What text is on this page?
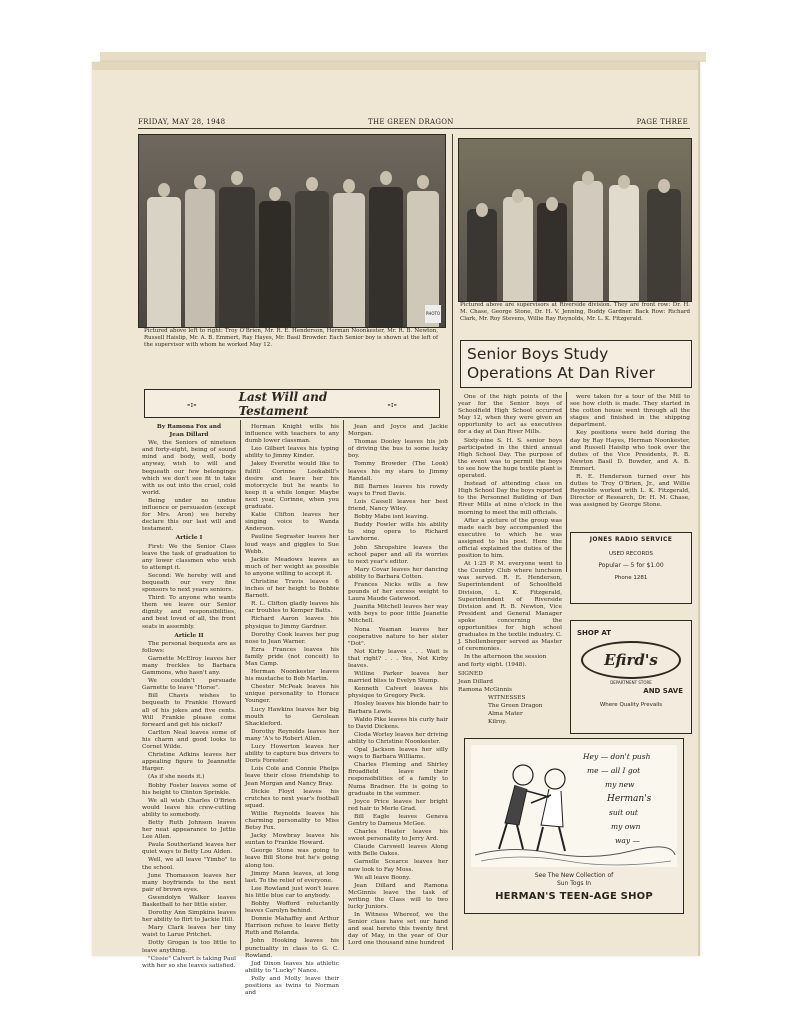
FRIDAY, MAY 28, 1948	THE GREEN DRAGON	PAGE THREE
PHOTO
Pictured above left to right: Troy O'Brien, Mr. R. E. Henderson, Herman Noonkester, Mr. R. B. Newton, Russell Haislip, Mr. A. B. Emmert, Ray Hayes, Mr. Basil Browder. Each Senior boy is shown at the left of the supervisor with whom he worked May 12.
Pictured above are supervisors at Riverside division. They are front row: Dr. H. M. Chase, George Stone, Dr. H. V. Jenning, Buddy Gardner. Back Row: Richard Clark, Mr. Roy Stevens, Willie Ray Reynolds, Mr. L. K. Fitzgerald.
Senior Boys Study Operations At Dan River
-:-	Last Will and Testament	-:-

By Ramona Fox and

Jean Dillard

We, the Seniors of nineteen and forty-eight, being of sound mind and body, well, body anyway, wish to will and bequeath our few belongings which we don't see fit to take with us out into the cruel, cold world.

Being under no undue influence or persuasion (except for Mrs. Aron) we hereby declare this our last will and testament.

Article I

First: We the Senior Class leave the task of graduation to any lower classmen who wish to attempt it.

Second: We hereby will and bequeath our very fine sponsors to next years seniors.

Third: To anyone who wants them we leave our Senior dignity and responsibilities, and best loved of all, the front seats in assembly.

Article II

The personal bequests are as follows:

Garnette McElroy leaves her many freckles to Barbara Gammons, who hasn't any.

We couldn't persuade Garnette to leave "Horse".

Bill Chavis wishes to bequeath to Frankie Howard all of his jokes and five cents. Will Frankie please come forward and get his nickel?

Carlton Neal leaves some of his charm and good looks to Cornel Wilde.

Christine Adkins leaves her appealing figure to Jeannette Harger.

(As if she needs it.)

Bobby Foster leaves some of his height to Clinton Sprinkle.

We all wish Charles O'Brien would leave his crew-cutting ability to somebody.

Betty Ruth Johnson leaves her neat appearance to Jettie Lee Allen.

Paula Southerland leaves her quiet ways to Betty Lou Alden.

Well, we all leave "Yimbo" to the school.

June Thomasson leaves her many boyfriends to the next pair of brown eyes.

Gwendolyn Walker leaves Basketball to her little sister.

Dorothy Ann Simpkins leaves her ability to flirt to Jackie Hill.

Mary Clark leaves her tiny waist to Larue Pritchet.

Dotty Grogan is too little to leave anything.

"Cissie" Calvert is taking Paul with her so she leaves satisfied.

Herman Knight wills his influence with teachers to any dumb lower classman.

Leo Gilbert leaves his typing ability to Jimmy Kinder.

Jakey Everette would like to fulfill Corinne Lookabill's desire and leave her his motorcycle but he wants to keep it a while longer. Maybe next year, Corinne, when you graduate.

Katie Clifton leaves her singing voice to Wanda Anderson.

Pauline Segraster leaves her loud ways and giggles to Sue Webb.

Jackie Meadows leaves as much of her weight as possible to anyone willing to accept it.

Christine Travis leaves 6 inches of her height to Bobbie Barnett.

R. L. Clifton gladly leaves his car troubles to Kemper Batts.

Richard Aaron leaves his physique to Jimmy Gardner.

Dorothy Cook leaves her pug nose to Jean Warner.

Ezra Frances leaves his family pride (not conceit) to Max Camp.

Herman Noonkester leaves his mustache to Bob Martin.

Chester McPeak leaves his unique personality to Horace Younger.

Lucy Hawkins leaves her big mouth to Gerolean Shackleford.

Dorothy Reynolds leaves her many 'A's to Robert Allen.

Lucy Howerton leaves her ability to capture bus drivers to Doris Forester.

Lois Cole and Connie Phelps leave their close friendship to Jean Morgan and Nancy Bray.

Dickie Floyd leaves his crutches to next year's football squad.

Willie Reynolds leaves his charming personality to Miss Betsy Fox.

Jacky Mowbray leaves his suntan to Frankie Howard.

George Stone was going to leave Bill Stone but he's going along too.

Jimmy Mann leaves, at long last. To the relief of everyone.

Lee Rowland just won't leave his little blue car to anybody.

Bobby Wofford reluctantly leaves Carolyn behind.

Donnie Mahaffey and Arthur Harrison refuse to leave Betty Ruth and Rolanda.

John Hooking leaves his punctuality in class to G. C. Rowland.

Jud Dixon leaves his athletic ability to "Lucky" Nance.

Polly and Molly leave their positions as twins to Norman and

Jean and Joyce and Jackie Morgan.

Thomas Dooley leaves his job of driving the bus to some lucky boy.

Tommy Browder (The Look) leaves his my stare to Jimmy Randall.

Bill Barnes leaves his rowdy ways to Fred Davis.

Lois Cassell leaves her best friend, Nancy Wiley.

Bobby Mabe isnt leaving.

Buddy Fowler wills his ability to sing opera to Richard Lawhorne.

John Shropshire leaves the school paper and all its worries to next year's editor.

Mary Covar leaves her dancing ability to Barbara Cotten.

Frances Nicks wills a few pounds of her excess weight to Laura Maude Gatewood.

Juanita Mitchell leaves her way with boys to poor little Jeanette Mitchell.

Nona Yeaman leaves her cooperative nature to her sister "Dot".

Not Kirby leaves . . . Wait is that right? . . . Yes, Not Kirby leaves.

Willine Parker leaves her married bliss to Evelyn Stump.

Kenneth Calvert leaves his physique to Gregory Peck.

Hosley leaves his blonde hair to Barbara Lewis.

Waldo Pike leaves his curly hair to David Dickens.

Cloda Worley leaves her driving ability to Christine Noonkester.

Opal Jackson leaves her silly ways to Barbara Williams.

Charles Fleming and Shirley Broadfield leave their responsibilities of a family to Numa Bradner. He is going to graduate in the summer.

Joyce Price leaves her bright red hair to Merle Grad.

Bill Eagle leaves Geneva Gentry to Dameus McGee.

Charles Heater leaves his sweet personality to Jerry Ard.

Claude Carswell leaves Along with Belle Oakes.

Garnelle Scearce leaves her new look to Fay Moss.

We all leave Boony.

Jean Dillard and Ramona McGinnis leave the task of writing the Class will to two lucky Juniors.

In Witness Whereof, we the Senior class have set our hand and seal hereto this twenty first day of May, in the year of Our Lord one thousand nine hundred

One of the high points of the year for the Senior boys of Schoolfield High School occurred May 12, when they were given an opportunity to act as executives for a day at Dan River Mills.

Sixty-nine S. H. S. senior boys participated in the third annual High School Day. The purpose of the event was to permit the boys to see how the huge textile plant is operated.

Instead of attending class on High School Day the boys reported to the Personnel Building of Dan River Mills at nine o'clock in the morning to meet the mill officials.

After a picture of the group was made each boy accompanied the executive to which he was assigned to his post. Here the official explained the duties of the position to him.

At 1:25 P. M. everyone went to the Country Club where luncheon was served. R. E. Henderson, Superintendent of Schoolfield Division, L. K. Fitzgerald, Superintendent of Riverside Division and R. B. Newton, Vice President and General Manager spoke concerning the opportunities for high school graduates in the textile industry. C. J. Shollenberger served as Master of ceremonies.

In the afternoon the session

and forty eight. (1948).

SIGNED

Jean Dillard

Ramona McGinnis

WITNESSES

The Green Dragon

Alma Mater

Kilroy.

were taken for a tour of the Mill to see how cloth is made. They started in the cotton house went through all the stages and finished in the shipping department.

Key positions were held during the day by Ray Hayes, Herman Noonkester, and Russell Haislip who took over the duties of the Vice Presidents, R. B. Newton Basil D. Bowder, and A. B. Emmert.

R. E. Henderson turned over his duties to Troy O'Brien, Jr., and Willie Reynolds worked with L. K. Fitzgerald, Director of Research, Dr. H. M. Chase, was assigned by George Stone.

JONES RADIO SERVICE
USED RECORDS
Popular — 5 for $1.00
Phone 1281
SHOP AT
Efird's
DEPARTMENT STORE
AND SAVE
Where Quality Prevails
Hey — don't push
me — all I got
my new
Herman's
suit out
my own
way —
See The New Collection of
Sun Togs In
HERMAN'S TEEN-AGE SHOP
